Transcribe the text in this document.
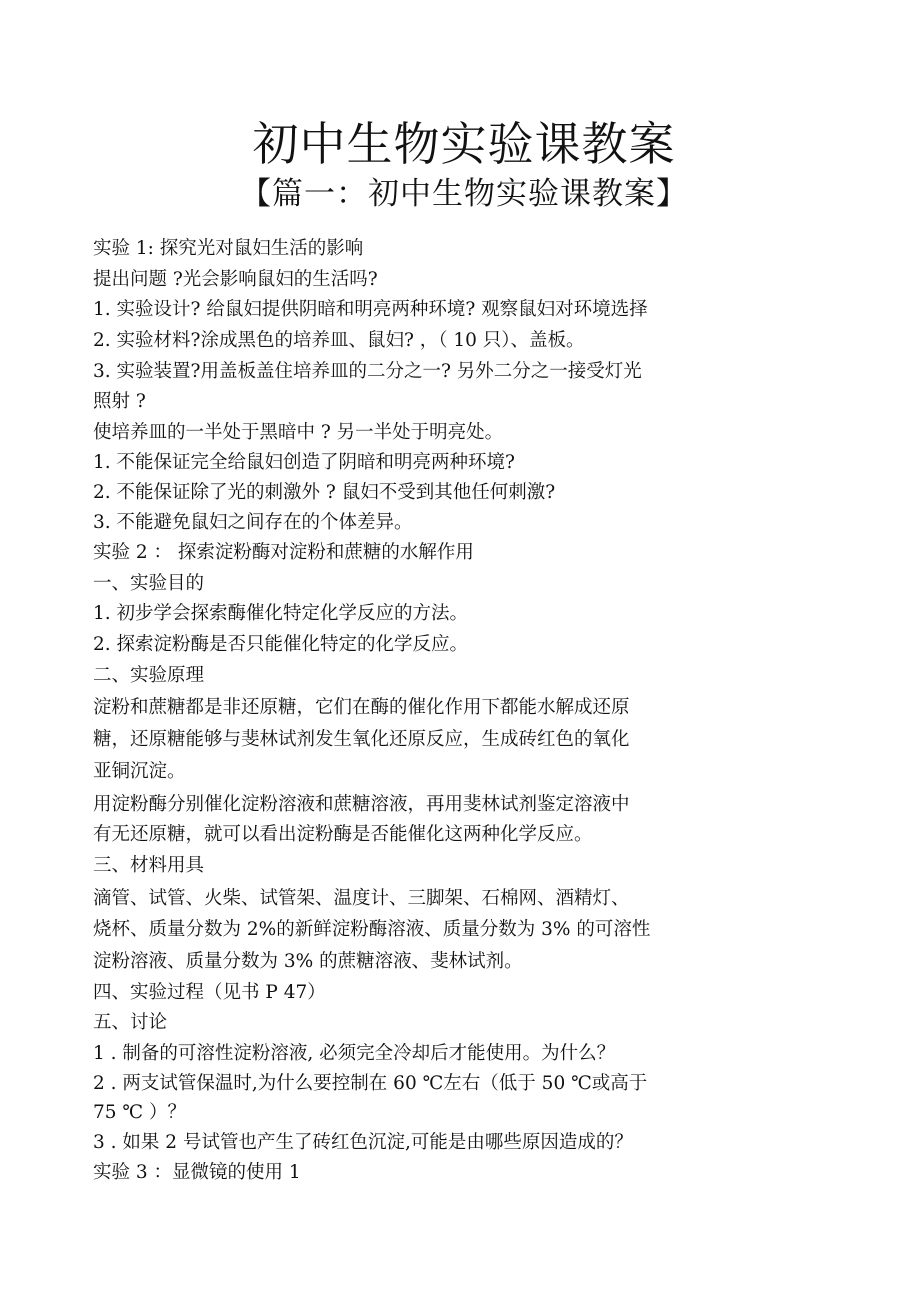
初中生物实验课教案
【篇一：初中生物实验课教案】
实验 1: 探究光对鼠妇生活的影响
提出问题 ?光会影响鼠妇的生活吗?
1. 实验设计? 给鼠妇提供阴暗和明亮两种环境? 观察鼠妇对环境选择
2. 实验材料?涂成黑色的培养皿、鼠妇? ，（ 10 只）、盖板。
3. 实验装置?用盖板盖住培养皿的二分之一? 另外二分之一接受灯光
照射 ?
使培养皿的一半处于黑暗中 ? 另一半处于明亮处。
1. 不能保证完全给鼠妇创造了阴暗和明亮两种环境?
2. 不能保证除了光的刺激外 ? 鼠妇不受到其他任何刺激?
3. 不能避免鼠妇之间存在的个体差异。
实验 2 ： 探索淀粉酶对淀粉和蔗糖的水解作用
一、实验目的
1. 初步学会探索酶催化特定化学反应的方法。
2. 探索淀粉酶是否只能催化特定的化学反应。
二、实验原理
淀粉和蔗糖都是非还原糖，它们在酶的催化作用下都能水解成还原
糖，还原糖能够与斐林试剂发生氧化还原反应，生成砖红色的氧化
亚铜沉淀。
用淀粉酶分别催化淀粉溶液和蔗糖溶液，再用斐林试剂鉴定溶液中
有无还原糖，就可以看出淀粉酶是否能催化这两种化学反应。
三、材料用具
滴管、试管、火柴、试管架、温度计、三脚架、石棉网、酒精灯、
烧杯、质量分数为 2%的新鲜淀粉酶溶液、质量分数为 3% 的可溶性
淀粉溶液、质量分数为 3% 的蔗糖溶液、斐林试剂。
四、实验过程（见书 P 47）
五、讨论
1 . 制备的可溶性淀粉溶液, 必须完全冷却后才能使用。为什么？
2 . 两支试管保温时,为什么要控制在 60 ℃左右（低于 50 ℃或高于
75 ℃ ）？
3 . 如果 2 号试管也产生了砖红色沉淀,可能是由哪些原因造成的？
实验 3 ：显微镜的使用 1
